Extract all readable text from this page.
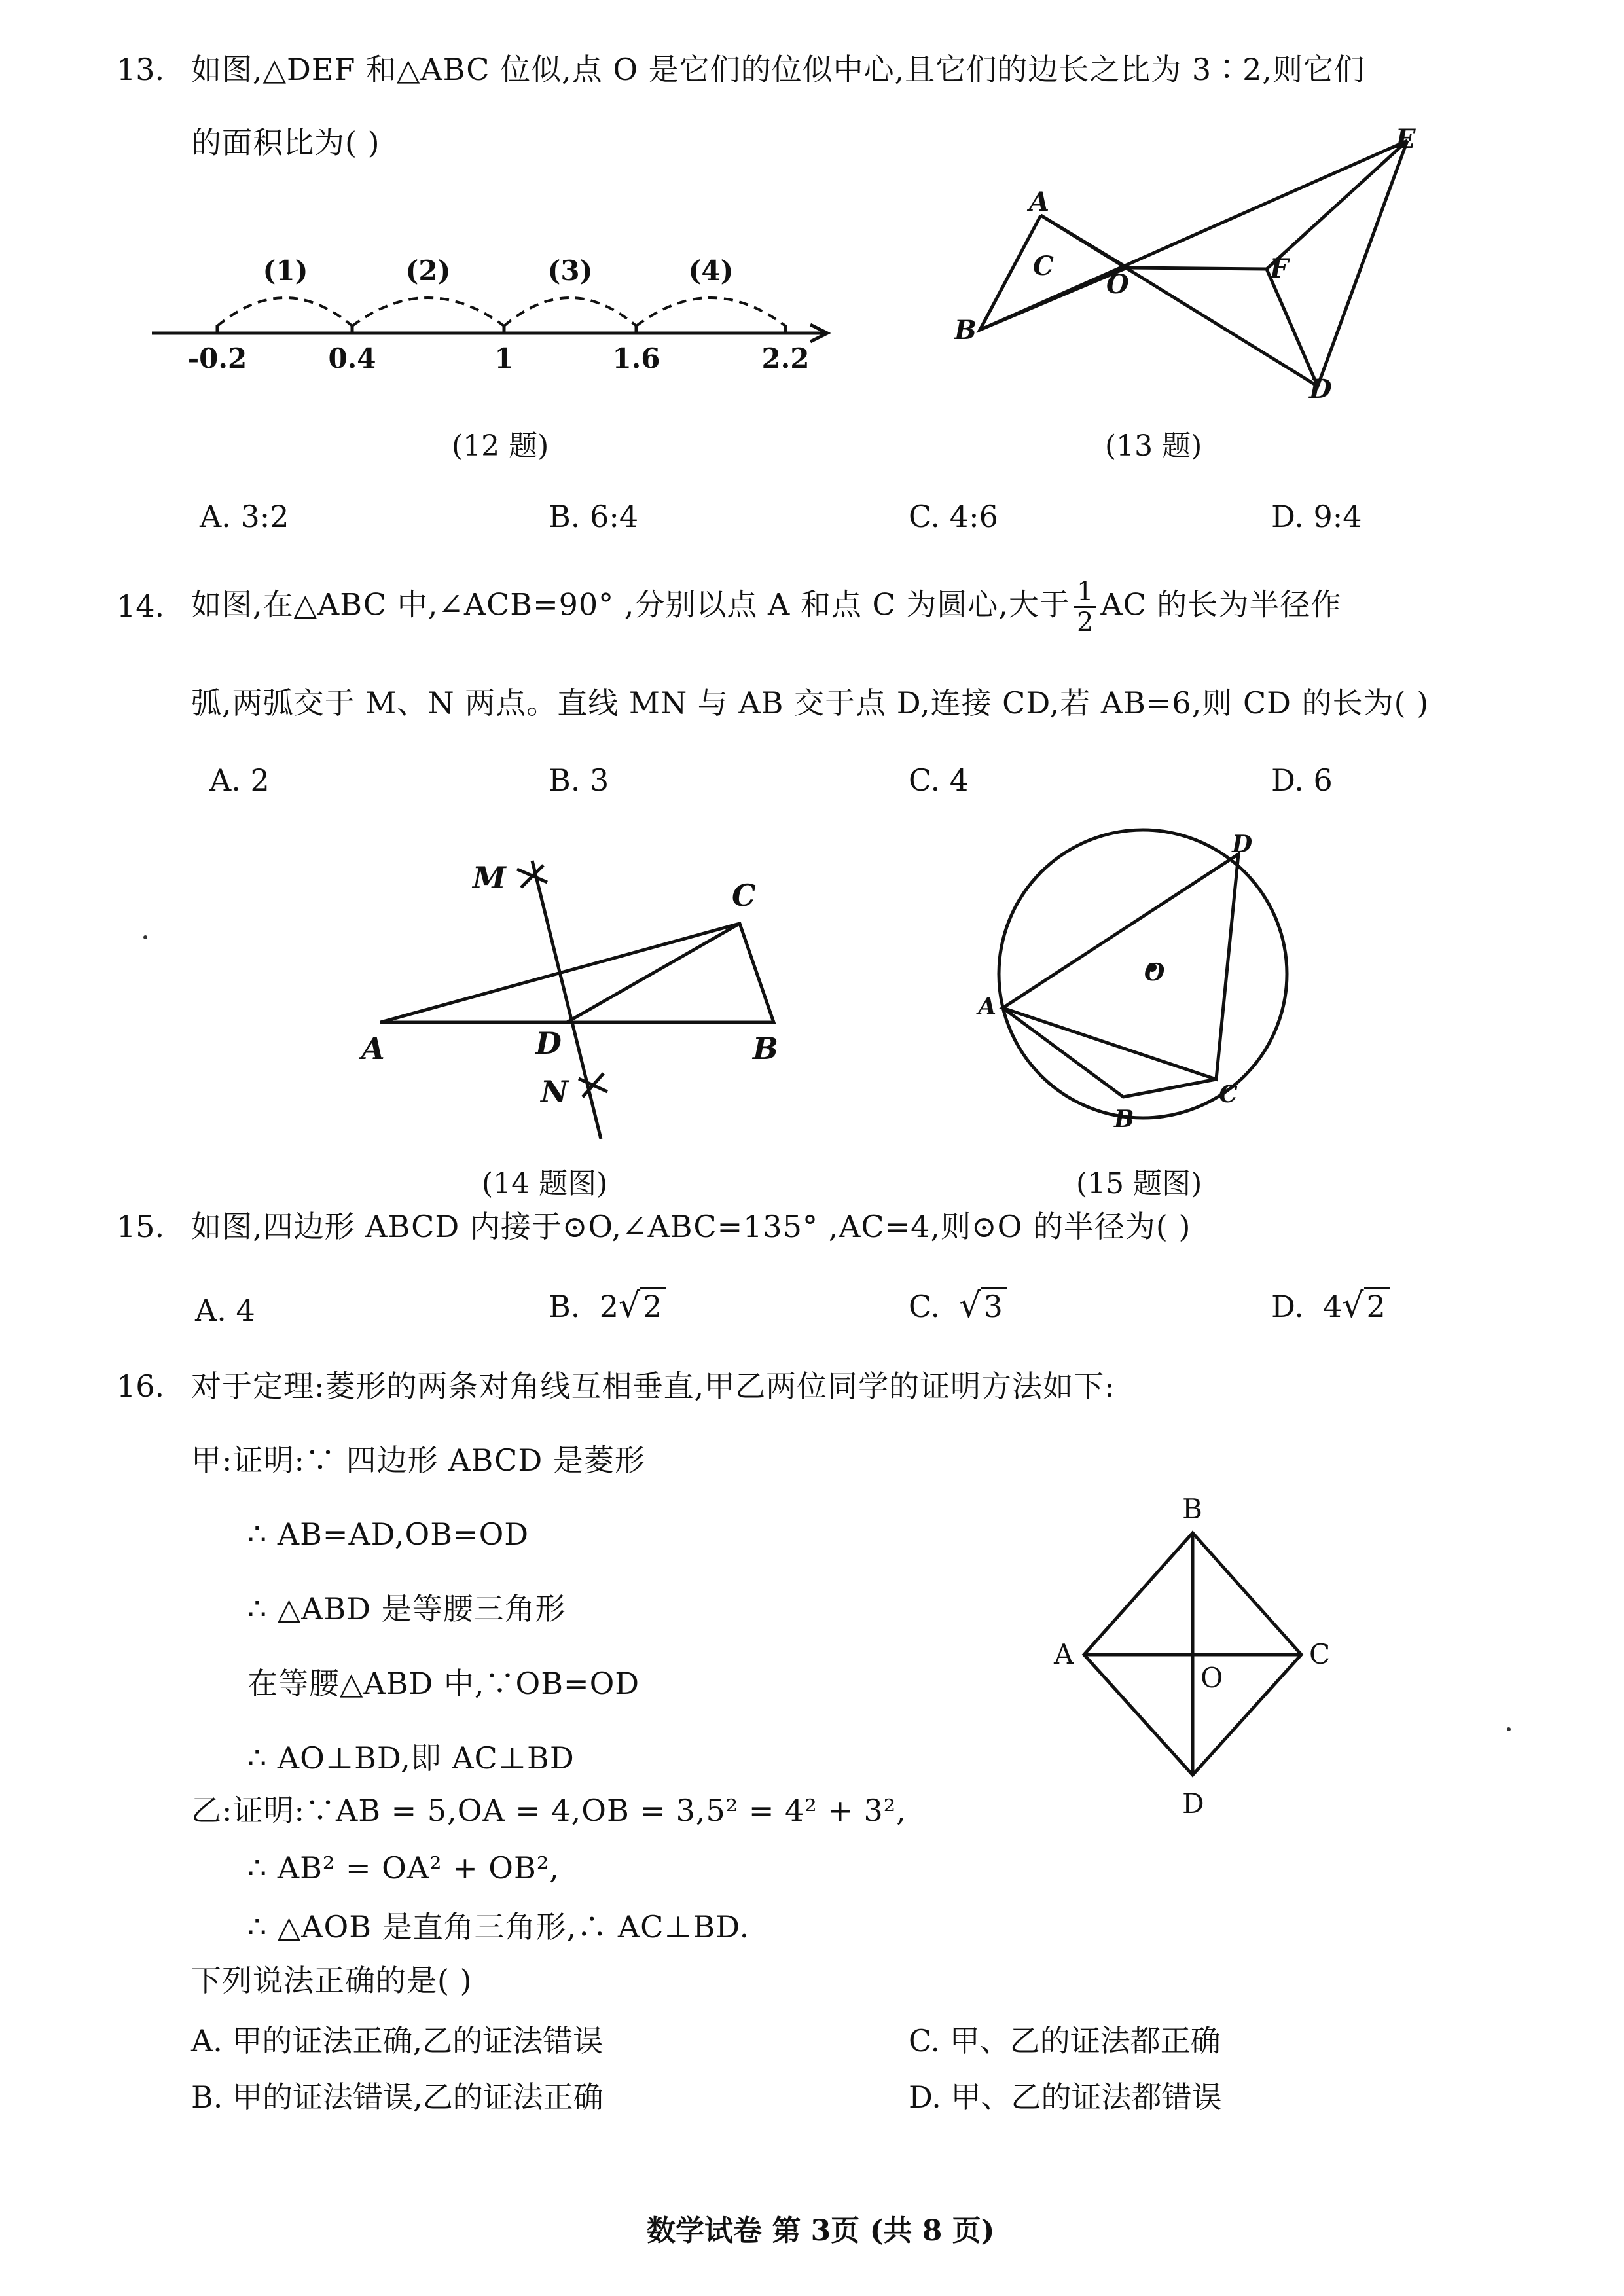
13. 如图,△DEF 和△ABC 位似,点 O 是它们的位似中心,且它们的边长之比为 3∶2,则它们
的面积比为( )
(1)	(2)	(3)	(4)
-0.2	0.4	1	1.6	2.2
A
B
C
O
F
E
D
M	C
A	D	B
N
D
O
A
B
C
B
A	C
O
D
(12 题)	(13 题)
A. 3:2	B. 6:4	C. 4:6	D. 9:4
14. 如图,在△ABC 中,∠ACB=90° ,分别以点 A 和点 C 为圆心,大于 $\frac{1}{2}$ AC 的长为半径作
弧,两弧交于 M、N 两点。直线 MN 与 AB 交于点 D,连接 CD,若 AB=6,则 CD 的长为( )
A. 2	B. 3	C. 4	D. 6
(14 题图)	(15 题图)
15. 如图,四边形 ABCD 内接于⊙O,∠ABC=135° ,AC=4,则⊙O 的半径为( )
A. 4	B. 2√2	C. √3	D. 4√2
16. 对于定理:菱形的两条对角线互相垂直,甲乙两位同学的证明方法如下:
甲:证明:∵ 四边形 ABCD 是菱形
∴ AB=AD,OB=OD
∴ △ABD 是等腰三角形
在等腰△ABD 中,∵OB=OD
∴ AO⊥BD,即 AC⊥BD
乙:证明:∵AB = 5,OA = 4,OB = 3,5² = 4² + 3²,
∴ AB² = OA² + OB²,
∴ △AOB 是直角三角形,∴ AC⊥BD.
下列说法正确的是( )
A. 甲的证法正确,乙的证法错误	C. 甲、乙的证法都正确
B. 甲的证法错误,乙的证法正确	D. 甲、乙的证法都错误
数学试卷 第 3页 (共 8 页)
